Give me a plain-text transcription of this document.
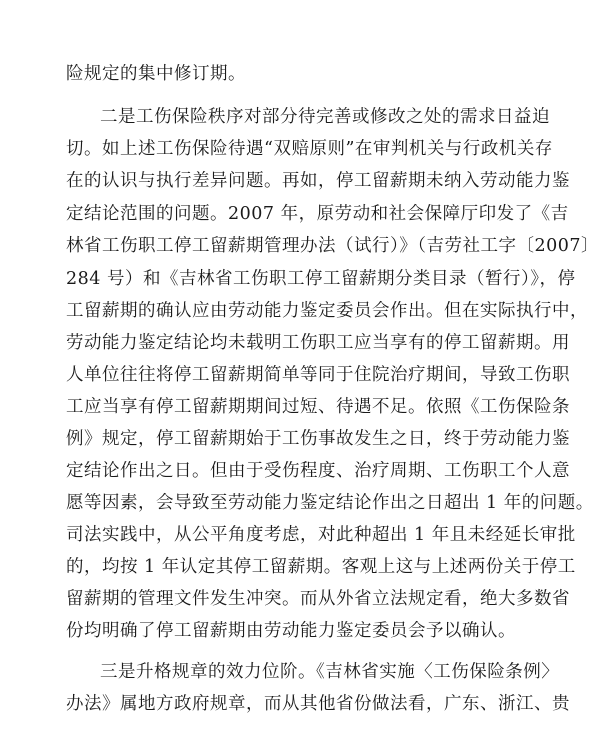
险规定的集中修订期。
二是工伤保险秩序对部分待完善或修改之处的需求日益迫
切。如上述工伤保险待遇“双赔原则”在审判机关与行政机关存
在的认识与执行差异问题。再如，停工留薪期未纳入劳动能力鉴
定结论范围的问题。2007 年，原劳动和社会保障厅印发了《吉
林省工伤职工停工留薪期管理办法（试行）》（吉劳社工字〔2007〕
284 号）和《吉林省工伤职工停工留薪期分类目录（暂行）》，停
工留薪期的确认应由劳动能力鉴定委员会作出。但在实际执行中，
劳动能力鉴定结论均未载明工伤职工应当享有的停工留薪期。用
人单位往往将停工留薪期简单等同于住院治疗期间，导致工伤职
工应当享有停工留薪期期间过短、待遇不足。依照《工伤保险条
例》规定，停工留薪期始于工伤事故发生之日，终于劳动能力鉴
定结论作出之日。但由于受伤程度、治疗周期、工伤职工个人意
愿等因素，会导致至劳动能力鉴定结论作出之日超出 1 年的问题。
司法实践中，从公平角度考虑，对此种超出 1 年且未经延长审批
的，均按 1 年认定其停工留薪期。客观上这与上述两份关于停工
留薪期的管理文件发生冲突。而从外省立法规定看，绝大多数省
份均明确了停工留薪期由劳动能力鉴定委员会予以确认。
三是升格规章的效力位阶。《吉林省实施〈工伤保险条例〉
办法》属地方政府规章，而从其他省份做法看，广东、浙江、贵
